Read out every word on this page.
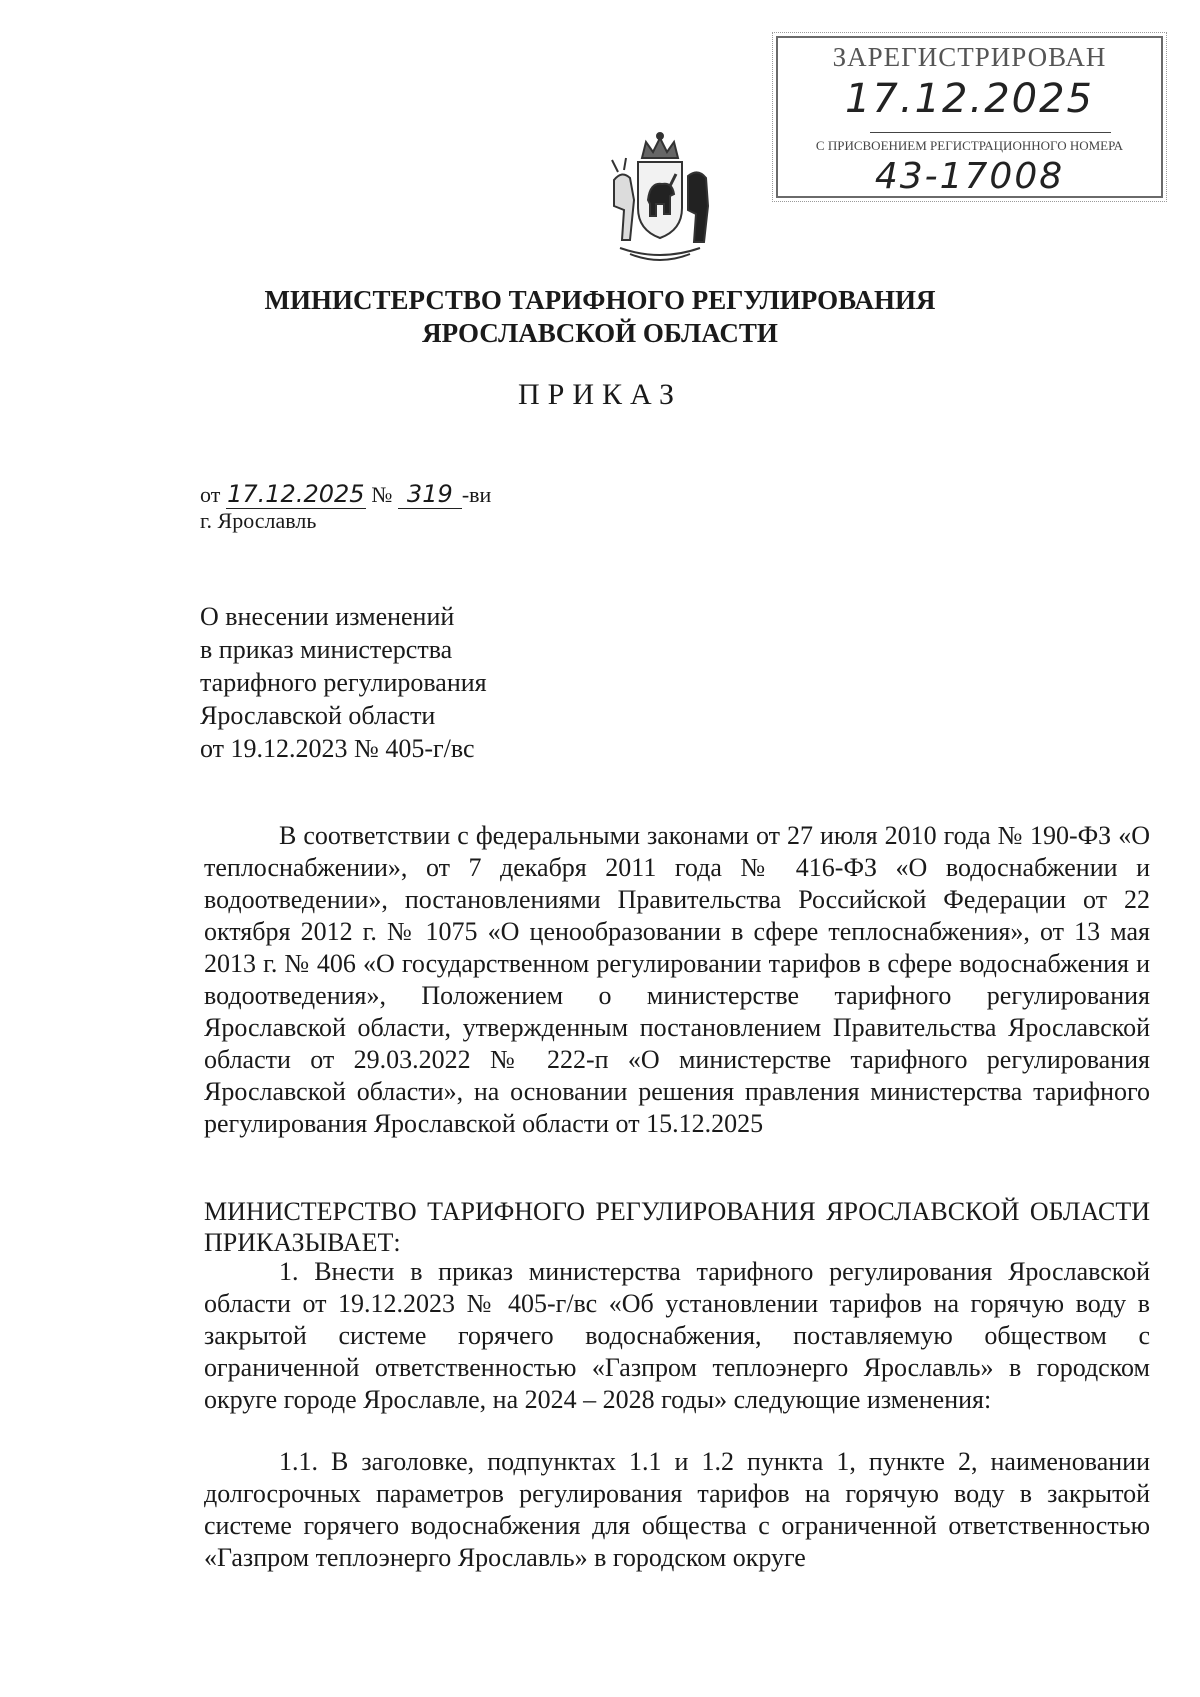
ЗАРЕГИСТРИРОВАН
17.12.2025
С ПРИСВОЕНИЕМ РЕГИСТРАЦИОННОГО НОМЕРА
43-17008
МИНИСТЕРСТВО ТАРИФНОГО РЕГУЛИРОВАНИЯ
ЯРОСЛАВСКОЙ ОБЛАСТИ
ПРИКАЗ
от 17.12.2025 № 319 -ви
г. Ярославль
О внесении изменений
в приказ министерства
тарифного регулирования
Ярославской области
от 19.12.2023 № 405-г/вс
В соответствии с федеральными законами от 27 июля 2010 года № 190-ФЗ «О теплоснабжении», от 7 декабря 2011 года № 416-ФЗ «О водоснабжении и водоотведении», постановлениями Правительства Российской Федерации от 22 октября 2012 г. № 1075 «О ценообразовании в сфере теплоснабжения», от 13 мая 2013 г. № 406 «О государственном регулировании тарифов в сфере водоснабжения и водоотведения», Положением о министерстве тарифного регулирования Ярославской области, утвержденным постановлением Правительства Ярославской области от 29.03.2022 № 222-п «О министерстве тарифного регулирования Ярославской области», на основании решения правления министерства тарифного регулирования Ярославской области от 15.12.2025
МИНИСТЕРСТВО ТАРИФНОГО РЕГУЛИРОВАНИЯ ЯРОСЛАВСКОЙ ОБЛАСТИ ПРИКАЗЫВАЕТ:
1. Внести в приказ министерства тарифного регулирования Ярославской области от 19.12.2023 № 405-г/вс «Об установлении тарифов на горячую воду в закрытой системе горячего водоснабжения, поставляемую обществом с ограниченной ответственностью «Газпром теплоэнерго Ярославль» в городском округе городе Ярославле, на 2024 – 2028 годы» следующие изменения:
1.1. В заголовке, подпунктах 1.1 и 1.2 пункта 1, пункте 2, наименовании долгосрочных параметров регулирования тарифов на горячую воду в закрытой системе горячего водоснабжения для общества с ограниченной ответственностью «Газпром теплоэнерго Ярославль» в городском округе
